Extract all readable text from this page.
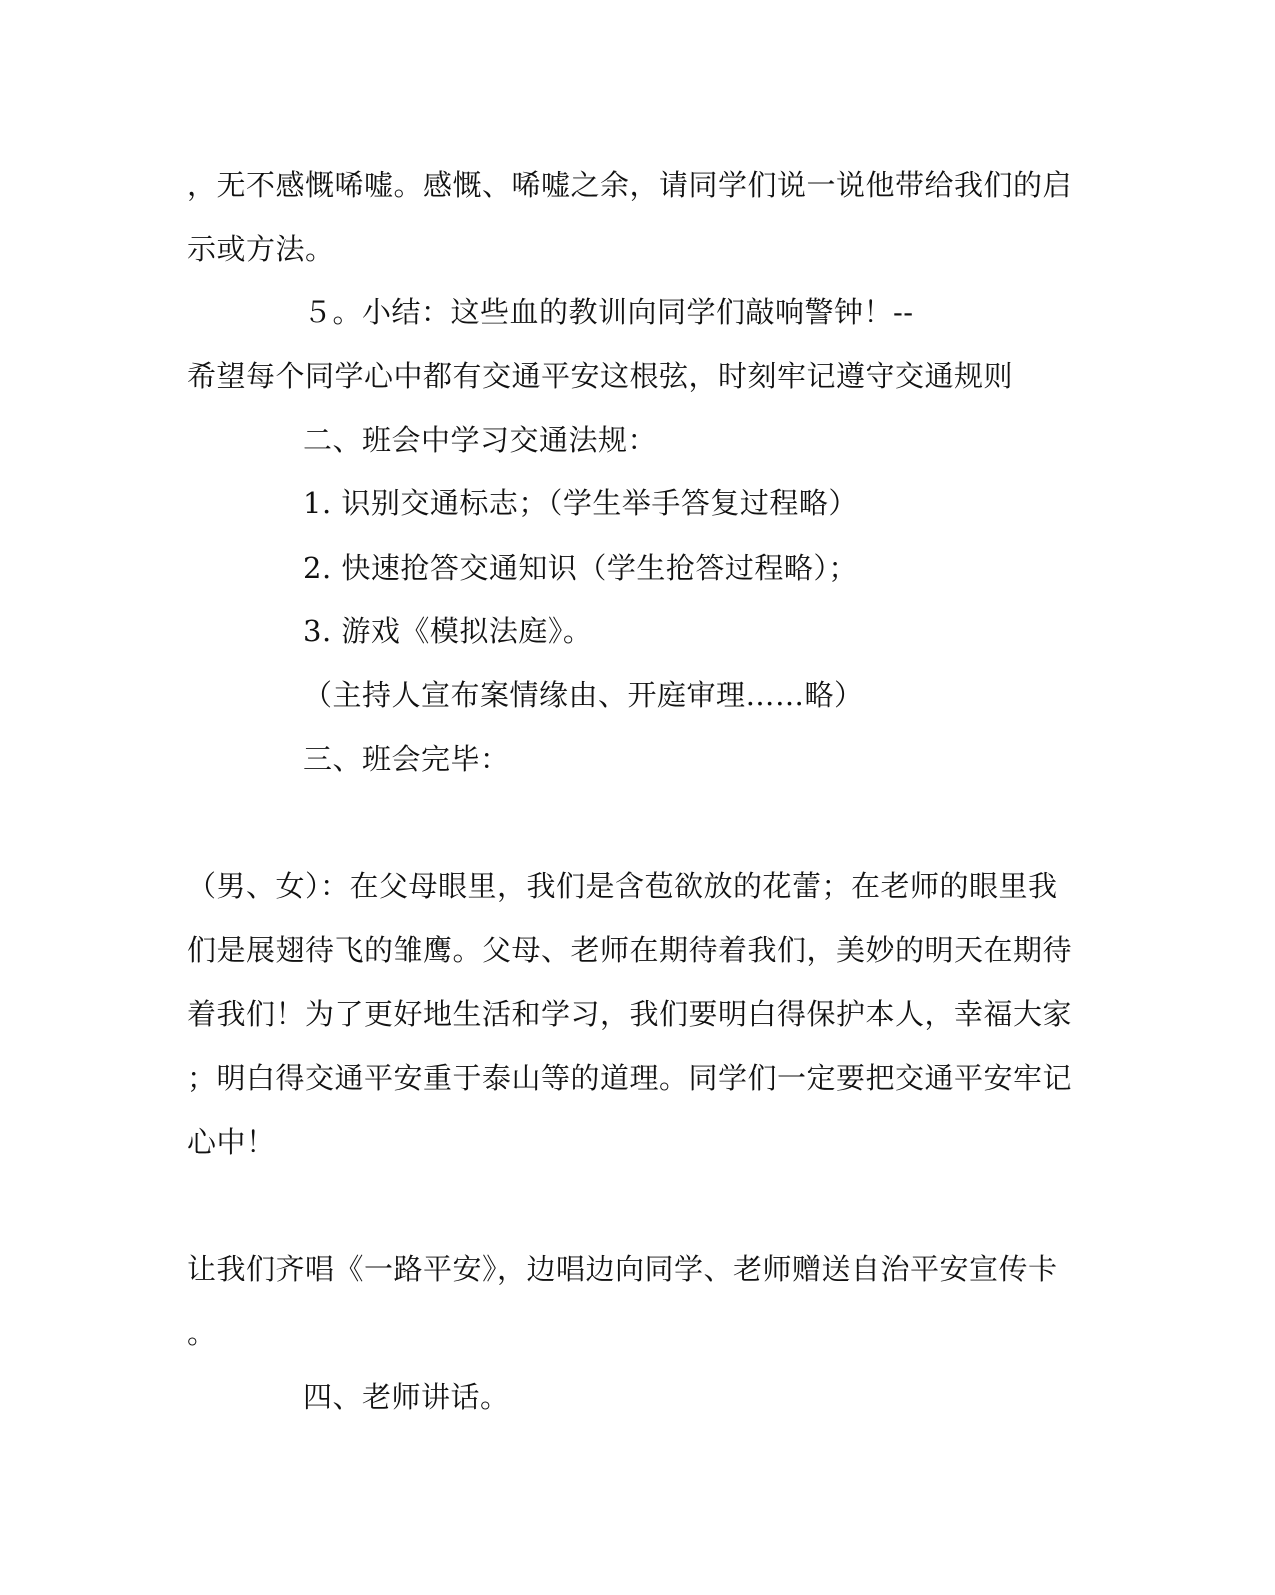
，无不感慨唏嘘。感慨、唏嘘之余，请同学们说一说他带给我们的启
示或方法。
５。小结：这些血的教训向同学们敲响警钟！--
希望每个同学心中都有交通平安这根弦，时刻牢记遵守交通规则
二、班会中学习交通法规：
1. 识别交通标志；（学生举手答复过程略）
2. 快速抢答交通知识（学生抢答过程略）；
3. 游戏《模拟法庭》。
（主持人宣布案情缘由、开庭审理……略）
三、班会完毕：
（男、女）：在父母眼里，我们是含苞欲放的花蕾；在老师的眼里我
们是展翅待飞的雏鹰。父母、老师在期待着我们，美妙的明天在期待
着我们！为了更好地生活和学习，我们要明白得保护本人，幸福大家
；明白得交通平安重于泰山等的道理。同学们一定要把交通平安牢记
心中！
让我们齐唱《一路平安》，边唱边向同学、老师赠送自治平安宣传卡
。
四、老师讲话。
